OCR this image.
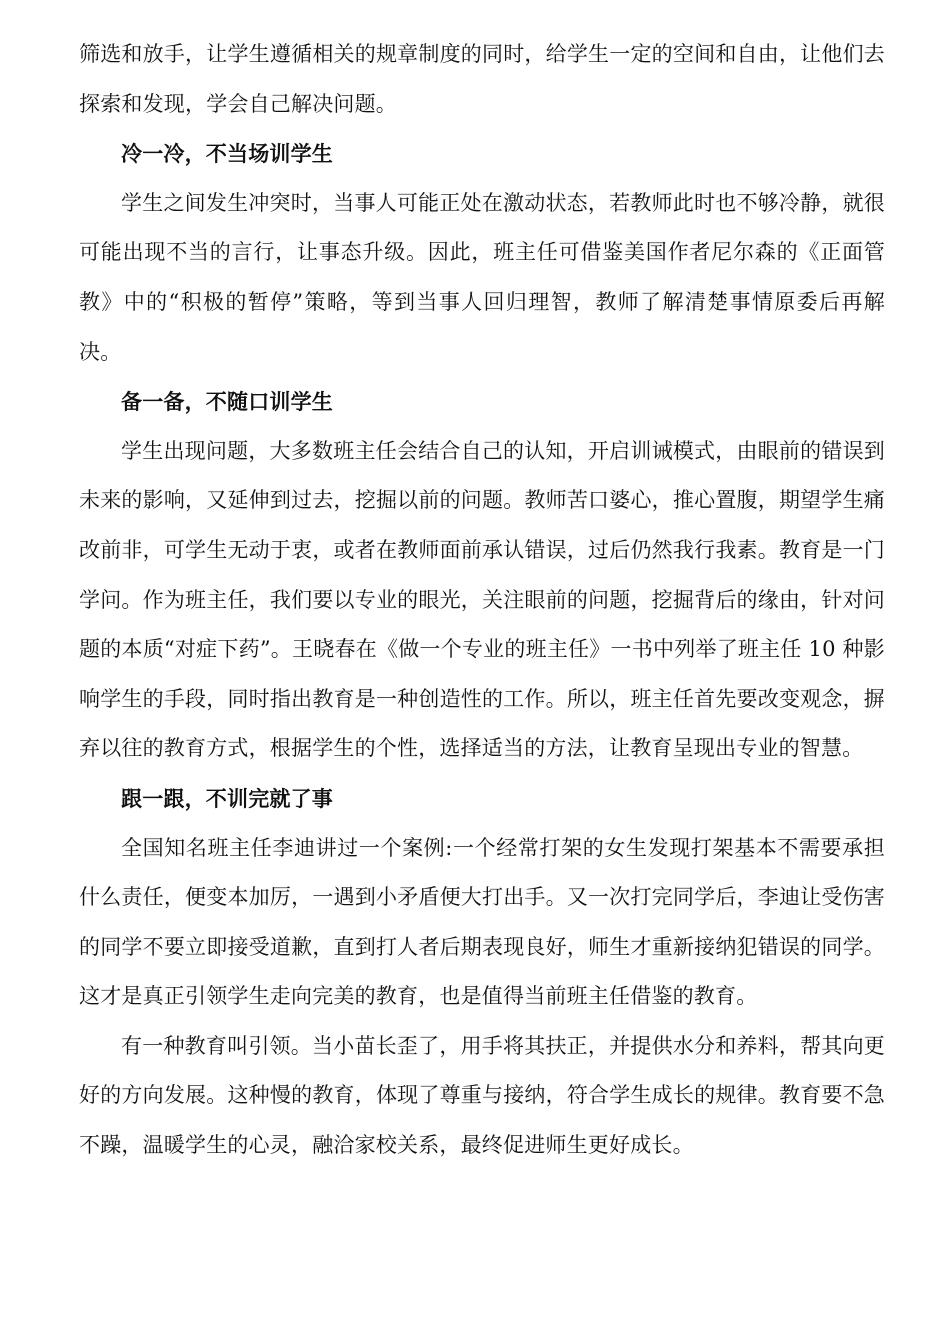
筛选和放手，让学生遵循相关的规章制度的同时，给学生一定的空间和自由，让他们去探索和发现，学会自己解决问题。

冷一冷，不当场训学生

学生之间发生冲突时，当事人可能正处在激动状态，若教师此时也不够冷静，就很可能出现不当的言行，让事态升级。因此，班主任可借鉴美国作者尼尔森的《正面管教》中的“积极的暂停”策略，等到当事人回归理智，教师了解清楚事情原委后再解决。

备一备，不随口训学生

学生出现问题，大多数班主任会结合自己的认知，开启训诫模式，由眼前的错误到未来的影响，又延伸到过去，挖掘以前的问题。教师苦口婆心，推心置腹，期望学生痛改前非，可学生无动于衷，或者在教师面前承认错误，过后仍然我行我素。教育是一门学问。作为班主任，我们要以专业的眼光，关注眼前的问题，挖掘背后的缘由，针对问题的本质“对症下药”。王晓春在《做一个专业的班主任》一书中列举了班主任 10 种影响学生的手段，同时指出教育是一种创造性的工作。所以，班主任首先要改变观念，摒弃以往的教育方式，根据学生的个性，选择适当的方法，让教育呈现出专业的智慧。

跟一跟，不训完就了事

全国知名班主任李迪讲过一个案例:一个经常打架的女生发现打架基本不需要承担什么责任，便变本加厉，一遇到小矛盾便大打出手。又一次打完同学后，李迪让受伤害的同学不要立即接受道歉，直到打人者后期表现良好，师生才重新接纳犯错误的同学。这才是真正引领学生走向完美的教育，也是值得当前班主任借鉴的教育。

有一种教育叫引领。当小苗长歪了，用手将其扶正，并提供水分和养料，帮其向更好的方向发展。这种慢的教育，体现了尊重与接纳，符合学生成长的规律。教育要不急不躁，温暖学生的心灵，融洽家校关系，最终促进师生更好成长。
